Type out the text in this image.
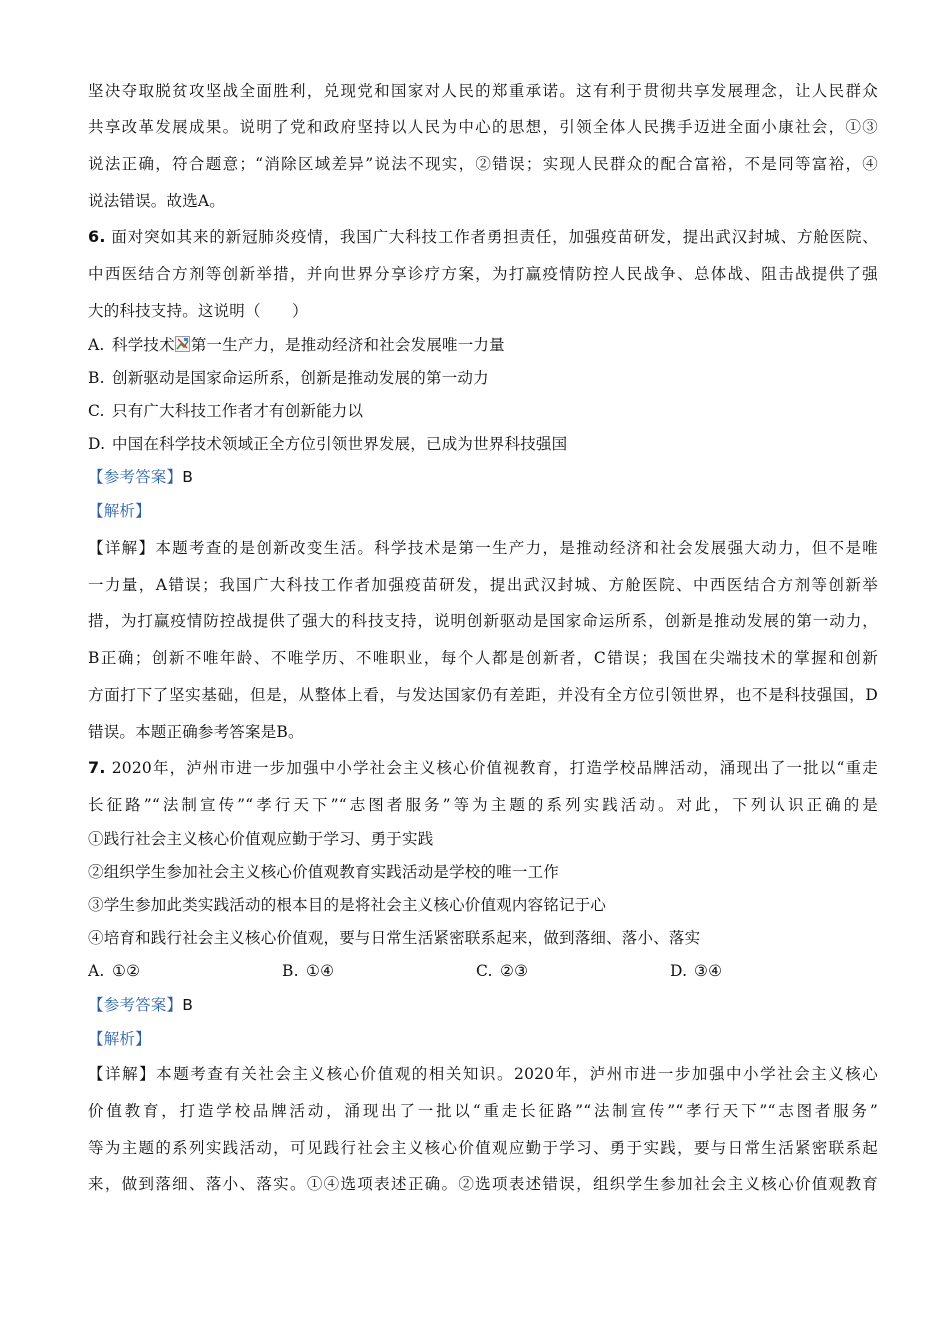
坚决夺取脱贫攻坚战全面胜利，兑现党和国家对人民的郑重承诺。这有利于贯彻共享发展理念，让人民群众
共享改革发展成果。说明了党和政府坚持以人民为中心的思想，引领全体人民携手迈进全面小康社会，①③
说法正确，符合题意；“消除区域差异”说法不现实，②错误；实现人民群众的配合富裕，不是同等富裕，④
说法错误。故选A。
6. 面对突如其来的新冠肺炎疫情，我国广大科技工作者勇担责任，加强疫苗研发，提出武汉封城、方舱医院、
中西医结合方剂等创新举措，并向世界分享诊疗方案，为打赢疫情防控人民战争、总体战、阻击战提供了强
大的科技支持。这说明（　　）
A. 科学技术 第一生产力，是推动经济和社会发展唯一力量
B. 创新驱动是国家命运所系，创新是推动发展的第一动力
C. 只有广大科技工作者才有创新能力以
D. 中国在科学技术领域正全方位引领世界发展，已成为世界科技强国
【参考答案】B
【解析】
【详解】本题考查的是创新改变生活。科学技术是第一生产力，是推动经济和社会发展强大动力，但不是唯
一力量，A错误；我国广大科技工作者加强疫苗研发，提出武汉封城、方舱医院、中西医结合方剂等创新举
措，为打赢疫情防控战提供了强大的科技支持，说明创新驱动是国家命运所系，创新是推动发展的第一动力，
B正确；创新不唯年龄、不唯学历、不唯职业，每个人都是创新者，C错误；我国在尖端技术的掌握和创新
方面打下了坚实基础，但是，从整体上看，与发达国家仍有差距，并没有全方位引领世界，也不是科技强国，D
错误。本题正确参考答案是B。
7. 2020年，泸州市进一步加强中小学社会主义核心价值视教育，打造学校品牌活动，涌现出了一批以“重走
长征路”“法制宣传”“孝行天下”“志图者服务”等为主题的系列实践活动。对此，下列认识正确的是
①践行社会主义核心价值观应勤于学习、勇于实践
②组织学生参加社会主义核心价值观教育实践活动是学校的唯一工作
③学生参加此类实践活动的根本目的是将社会主义核心价值观内容铭记于心
④培育和践行社会主义核心价值观，要与日常生活紧密联系起来，做到落细、落小、落实
A. ①②	B. ①④	C. ②③	D. ③④
【参考答案】B
【解析】
【详解】本题考查有关社会主义核心价值观的相关知识。2020年，泸州市进一步加强中小学社会主义核心
价值教育，打造学校品牌活动，涌现出了一批以“重走长征路”“法制宣传”“孝行天下”“志图者服务”
等为主题的系列实践活动，可见践行社会主义核心价值观应勤于学习、勇于实践，要与日常生活紧密联系起
来，做到落细、落小、落实。①④选项表述正确。②选项表述错误，组织学生参加社会主义核心价值观教育
